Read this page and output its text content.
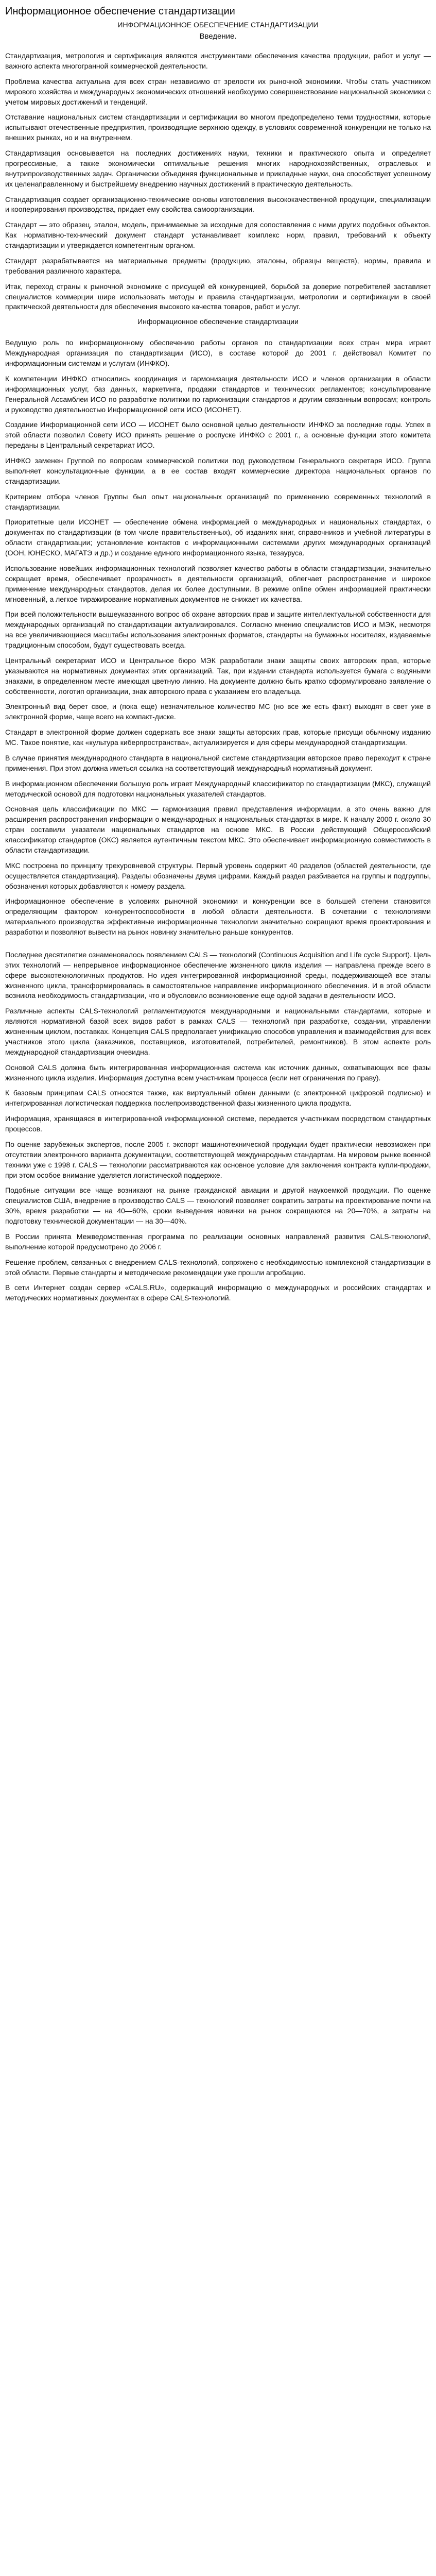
Информационное обеспечение стандартизации
ИНФОРМАЦИОННОЕ ОБЕСПЕЧЕНИЕ СТАНДАРТИЗАЦИИ
Введение.

Стандартизация, метрология и сертификация являются инструментами обеспечения качества продукции, работ и услуг — важного аспекта многогранной коммерческой деятельности.

Проблема качества актуальна для всех стран независимо от зрелости их рыночной экономики. Чтобы стать участником мирового хозяйства и международных экономических отношений необходимо совершенствование национальной экономики с учетом мировых достижений и тенденций.

Отставание национальных систем стандартизации и сертификации во многом предопределено теми трудностями, которые испытывают отечественные предприятия, производящие верхнюю одежду, в условиях современной конкуренции не только на внешних рынках, но и на внутреннем.

Стандартизация основывается на последних достижениях науки, техники и практического опыта и определяет прогрессивные, а также экономически оптимальные решения многих народнохозяйственных, отраслевых и внутрипроизводственных задач. Органически объединяя функциональные и прикладные науки, она способствует успешному их целенаправленному и быстрейшему внедрению научных достижений в практическую деятельность.

Стандартизация создает организационно-технические основы изготовления высококачественной продукции, специализации и кооперирования производства, придает ему свойства самоорганизации.

Стандарт — это образец, эталон, модель, принимаемые за исходные для сопоставления с ними других подобных объектов. Как нормативно-технический документ стандарт устанавливает комплекс норм, правил, требований к объекту стандартизации и утверждается компетентным органом.

Стандарт разрабатывается на материальные предметы (продукцию, эталоны, образцы веществ), нормы, правила и требования различного характера.

Итак, переход страны к рыночной экономике с присущей ей конкуренцией, борьбой за доверие потребителей заставляет специалистов коммерции шире использовать методы и правила стандартизации, метрологии и сертификации в своей практической деятельности для обеспечения высокого качества товаров, работ и услуг.

Информационное обеспечение стандартизации

Ведущую роль по информационному обеспечению работы органов по стандартизации всех стран мира играет Международная организация по стандартизации (ИСО), в составе которой до 2001 г. действовал Комитет по информационным системам и услугам (ИНФКО).

К компетенции ИНФКО относились координация и гармонизация деятельности ИСО и членов организации в области информационных услуг, баз данных, маркетинга, продажи стандартов и технических регламентов; консультирование Генеральной Ассамблеи ИСО по разработке политики по гармонизации стандартов и другим связанным вопросам; контроль и руководство деятельностью Информационной сети ИСО (ИСОНЕТ).

Создание Информационной сети ИСО — ИСОНЕТ было основной целью деятельности ИНФКО за последние годы. Успех в этой области позволил Совету ИСО принять решение о роспуске ИНФКО с 2001 г., а основные функции этого комитета переданы в Центральный секретариат ИСО.

ИНФКО заменен Группой по вопросам коммерческой политики под руководством Генерального секретаря ИСО. Группа выполняет консультационные функции, а в ее состав входят коммерческие директора национальных органов по стандартизации.

Критерием отбора членов Группы был опыт национальных организаций по применению современных технологий в стандартизации.

Приоритетные цели ИСОНЕТ — обеспечение обмена информацией о международных и национальных стандартах, о документах по стандартизации (в том числе правительственных), об изданиях книг, справочников и учебной литературы в области стандартизации; установление контактов с информационными системами других международных организаций (ООН, ЮНЕСКО, МАГАТЭ и др.) и создание единого информационного языка, тезауруса.

Использование новейших информационных технологий позволяет качество работы в области стандартизации, значительно сокращает время, обеспечивает прозрачность в деятельности организаций, облегчает распространение и широкое применение международных стандартов, делая их более доступными. В режиме online обмен информацией практически мгновенный, а легкое тиражирование нормативных документов не снижает их качества.

При всей положительности вышеуказанного вопрос об охране авторских прав и защите интеллектуальной собственности для международных организаций по стандартизации актуализировался. Согласно мнению специалистов ИСО и МЭК, несмотря на все увеличивающиеся масштабы использования электронных форматов, стандарты на бумажных носителях, издаваемые традиционным способом, будут существовать всегда.

Центральный секретариат ИСО и Центральное бюро МЭК разработали знаки защиты своих авторских прав, которые указываются на нормативных документах этих организаций. Так, при издании стандарта используется бумага с водяными знаками, в определенном месте имеющая цветную линию. На документе должно быть кратко сформулировано заявление о собственности, логотип организации, знак авторского права с указанием его владельца.

Электронный вид берет свое, и (пока еще) незначительное количество МС (но все же есть факт) выходят в свет уже в электронной форме, чаще всего на компакт-диске.

Стандарт в электронной форме должен содержать все знаки защиты авторских прав, которые присущи обычному изданию МС. Такое понятие, как «культура киберпространства», актуализируется и для сферы международной стандартизации.

В случае принятия международного стандарта в национальной системе стандартизации авторское право переходит к стране применения. При этом должна иметься ссылка на соответствующий международный нормативный документ.

В информационном обеспечении большую роль играет Международный классификатор по стандартизации (МКС), служащий методической основой для подготовки национальных указателей стандартов.

Основная цель классификации по МКС — гармонизация правил представления информации, а это очень важно для расширения распространения информации о международных и национальных стандартах в мире. К началу 2000 г. около 30 стран составили указатели национальных стандартов на основе МКС. В России действующий Общероссийский классификатор стандартов (ОКС) является аутентичным текстом МКС. Это обеспечивает информационную совместимость в области стандартизации.

МКС построена по принципу трехуровневой структуры. Первый уровень содержит 40 разделов (областей деятельности, где осуществляется стандартизация). Разделы обозначены двумя цифрами. Каждый раздел разбивается на группы и подгруппы, обозначения которых добавляются к номеру раздела.

Информационное обеспечение в условиях рыночной экономики и конкуренции все в большей степени становится определяющим фактором конкурентоспособности в любой области деятельности. В сочетании с технологиями материального производства эффективные информационные технологии значительно сокращают время проектирования и разработки и позволяют вывести на рынок новинку значительно раньше конкурентов.

Последнее десятилетие ознаменовалось появлением CALS — технологий (Continuous Acquisition and Life cycle Support). Цель этих технологий — непрерывное информационное обеспечение жизненного цикла изделия — направлена прежде всего в сфере высокотехнологичных продуктов. Но идея интегрированной информационной среды, поддерживающей все этапы жизненного цикла, трансформировалась в самостоятельное направление информационного обеспечения. И в этой области возникла необходимость стандартизации, что и обусловило возникновение еще одной задачи в деятельности ИСО.

Различные аспекты CALS-технологий регламентируются международными и национальными стандартами, которые и являются нормативной базой всех видов работ в рамках CALS — технологий при разработке, создании, управлении жизненным циклом, поставках. Концепция CALS предполагает унификацию способов управления и взаимодействия для всех участников этого цикла (заказчиков, поставщиков, изготовителей, потребителей, ремонтников). В этом аспекте роль международной стандартизации очевидна.

Основой CALS должна быть интегрированная информационная система как источник данных, охватывающих все фазы жизненного цикла изделия. Информация доступна всем участникам процесса (если нет ограничения по праву).

К базовым принципам CALS относятся также, как виртуальный обмен данными (с электронной цифровой подписью) и интегрированная логистическая поддержка послепроизводственной фазы жизненного цикла продукта.

Информация, хранящаяся в интегрированной информационной системе, передается участникам посредством стандартных процессов.

По оценке зарубежных экспертов, после 2005 г. экспорт машинотехнической продукции будет практически невозможен при отсутствии электронного варианта документации, соответствующей международным стандартам. На мировом рынке военной техники уже с 1998 г. CALS — технологии рассматриваются как основное условие для заключения контракта купли-продажи, при этом особое внимание уделяется логистической поддержке.

Подобные ситуации все чаще возникают на рынке гражданской авиации и другой наукоемкой продукции. По оценке специалистов США, внедрение в производство CALS — технологий позволяет сократить затраты на проектирование почти на 30%, время разработки — на 40—60%, сроки выведения новинки на рынок сокращаются на 20—70%, а затраты на подготовку технической документации — на 30—40%.

В России принята Межведомственная программа по реализации основных направлений развития CALS-технологий, выполнение которой предусмотрено до 2006 г.

Решение проблем, связанных с внедрением CALS-технологий, сопряжено с необходимостью комплексной стандартизации в этой области. Первые стандарты и методические рекомендации уже прошли апробацию.

В сети Интернет создан сервер «CALS.RU», содержащий информацию о международных и российских стандартах и методических нормативных документах в сфере CALS-технологий.
